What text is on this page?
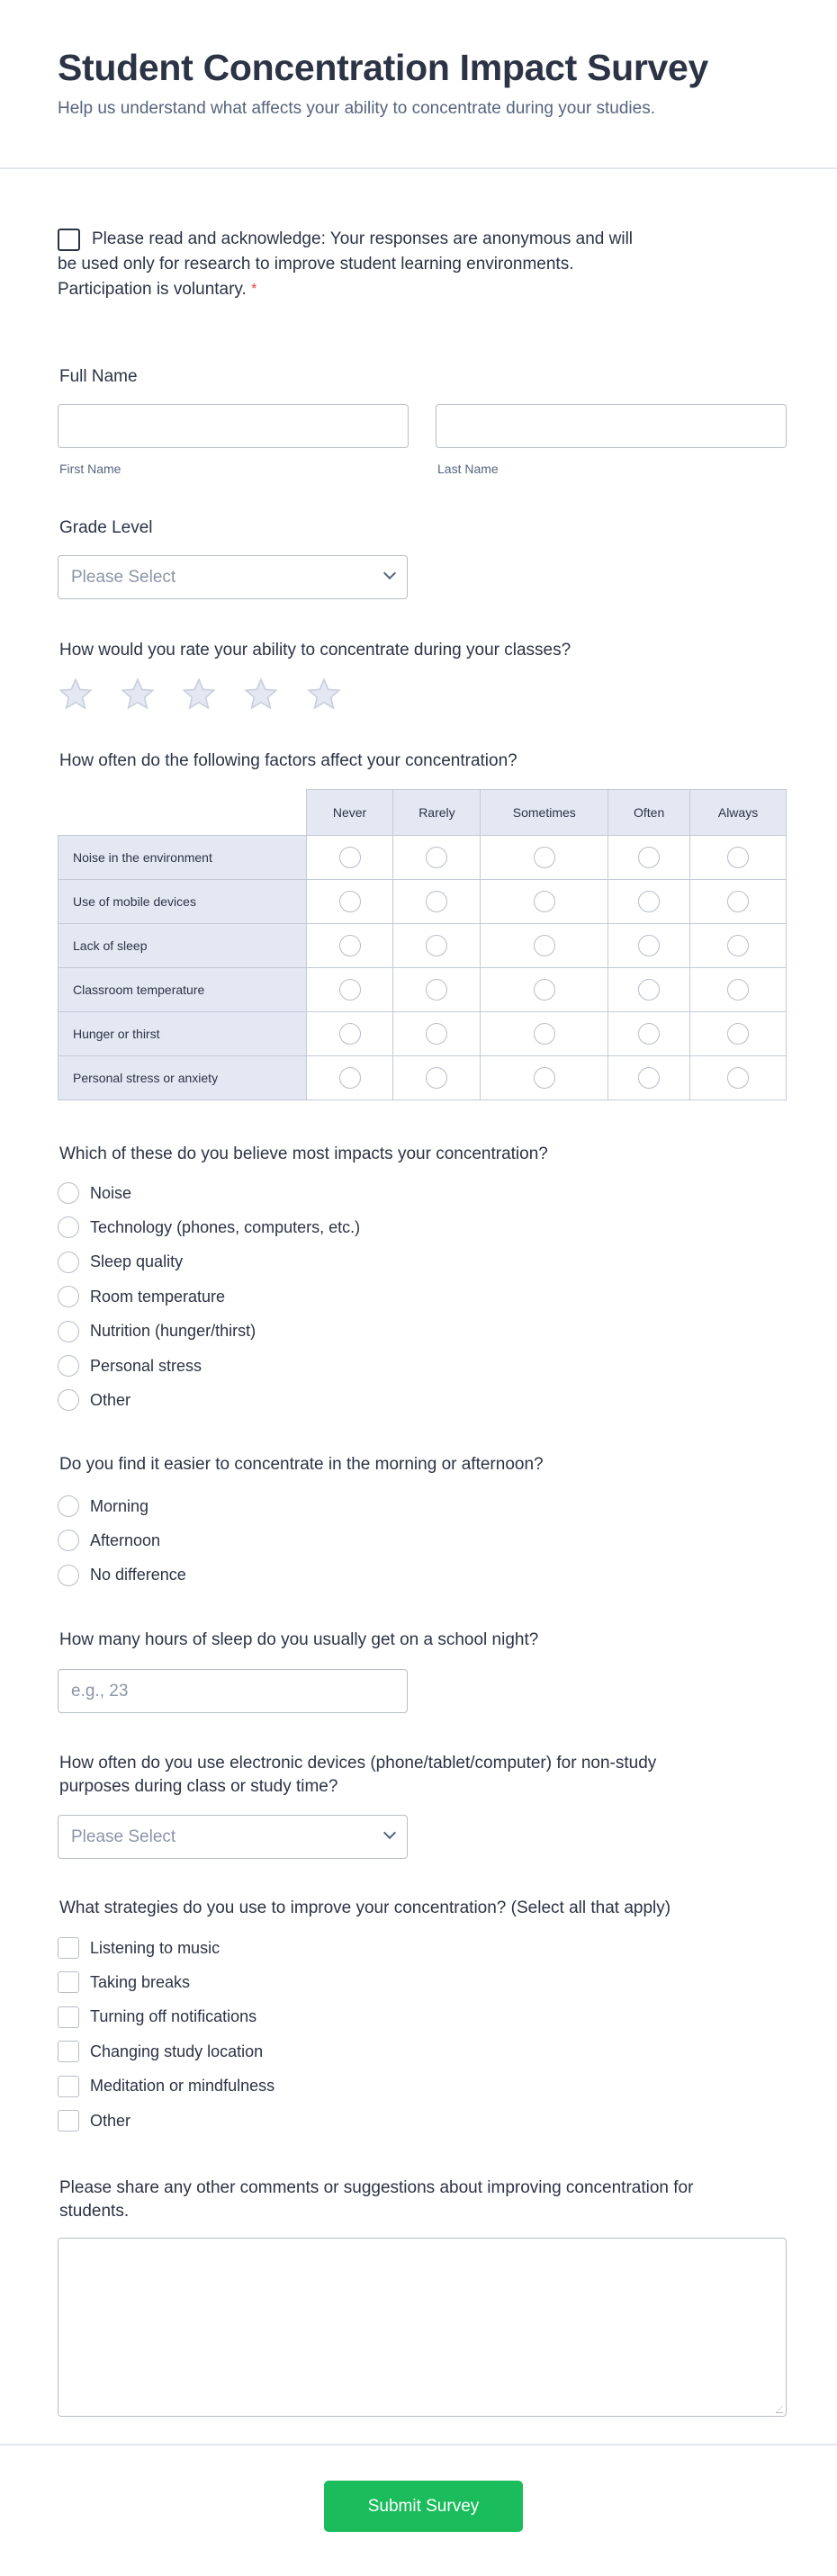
Student Concentration Impact Survey
Help us understand what affects your ability to concentrate during your studies.
Please read and acknowledge: Your responses are anonymous and will
be used only for research to improve student learning environments.
Participation is voluntary. *
Full Name
First Name	Last Name
Grade Level
Please Select
How would you rate your ability to concentrate during your classes?
How often do the following factors affect your concentration?
	Never	Rarely	Sometimes	Often	Always
Noise in the environment					
Use of mobile devices					
Lack of sleep					
Classroom temperature					
Hunger or thirst					
Personal stress or anxiety					
Which of these do you believe most impacts your concentration?
Noise
Technology (phones, computers, etc.)
Sleep quality
Room temperature
Nutrition (hunger/thirst)
Personal stress
Other
Do you find it easier to concentrate in the morning or afternoon?
Morning
Afternoon
No difference
How many hours of sleep do you usually get on a school night?
e.g., 23
How often do you use electronic devices (phone/tablet/computer) for non-study
purposes during class or study time?
Please Select
What strategies do you use to improve your concentration? (Select all that apply)
Listening to music
Taking breaks
Turning off notifications
Changing study location
Meditation or mindfulness
Other
Please share any other comments or suggestions about improving concentration for
students.
Submit Survey
